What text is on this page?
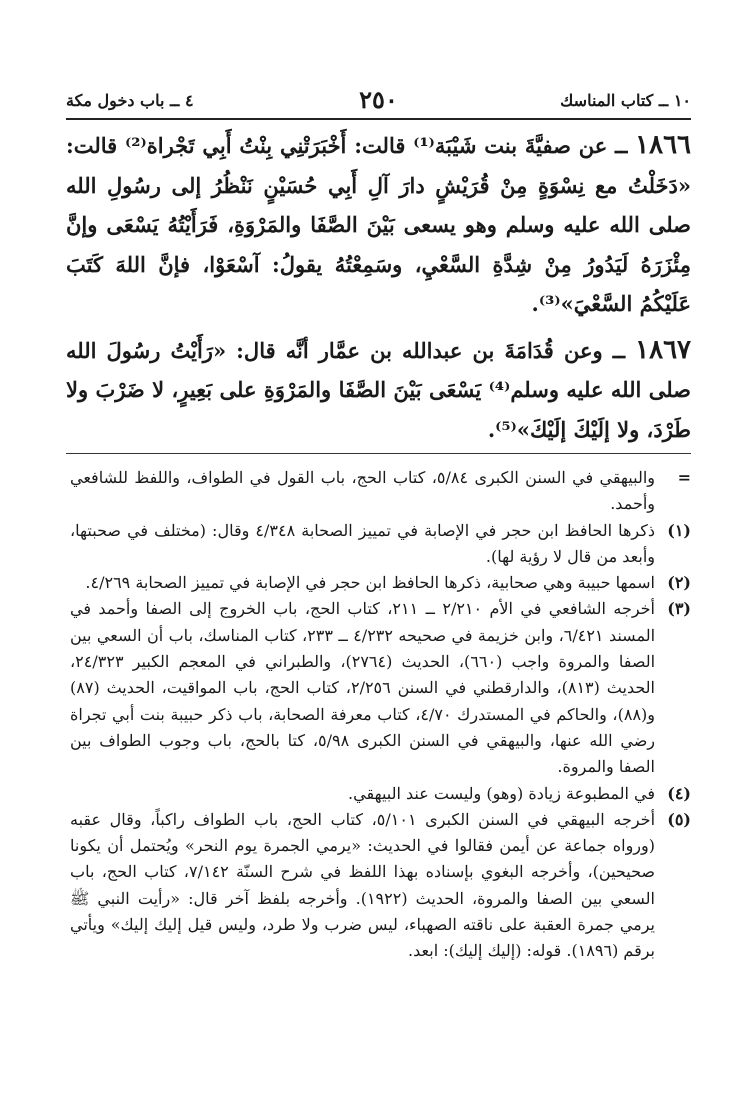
١٠ ــ كتاب المناسك
٢٥٠
٤ ــ باب دخول مكة

١٨٦٦ ــ عن صفيَّةَ بنت شَيْبَة⁽¹⁾ قالت: أَخْبَرَتْنِي بِنْتُ أَبِي تَجْراة⁽²⁾ قالت: «دَخَلْتُ مع نِسْوَةٍ مِنْ قُرَيْشٍ دارَ آلِ أَبِي حُسَيْنٍ نَنْظُرُ إلى رسُولِ الله صلى الله عليه وسلم وهو يسعى بَيْنَ الصَّفَا والمَرْوَةِ، فَرَأَيْتُهُ يَسْعَى وإنَّ مِئْزَرَهُ لَيَدُورُ مِنْ شِدَّةِ السَّعْيِ، وسَمِعْتُهُ يقولُ: آسْعَوْا، فإنَّ اللهَ كَتَبَ عَلَيْكُمُ السَّعْيَ»⁽³⁾.

١٨٦٧ ــ وعن قُدَامَةَ بن عبدالله بن عمَّار أنَّه قال: «رَأَيْتُ رسُولَ الله صلى الله عليه وسلم⁽⁴⁾ يَسْعَى بَيْنَ الصَّفَا والمَرْوَةِ على بَعِيرٍ، لا ضَرْبَ ولا طَرْدَ، ولا إلَيْكَ إلَيْكَ»⁽⁵⁾.

=
والبيهقي في السنن الكبرى ٥/٨٤، كتاب الحج، باب القول في الطواف، واللفظ للشافعي وأحمد.
(١)
ذكرها الحافظ ابن حجر في الإصابة في تمييز الصحابة ٤/٣٤٨ وقال: (مختلف في صحبتها، وأبعد من قال لا رؤية لها).
(٢)
اسمها حبيبة وهي صحابية، ذكرها الحافظ ابن حجر في الإصابة في تمييز الصحابة ٤/٢٦٩.
(٣)
أخرجه الشافعي في الأم ٢/٢١٠ ــ ٢١١، كتاب الحج، باب الخروج إلى الصفا وأحمد في المسند ٦/٤٢١، وابن خزيمة في صحيحه ٤/٢٣٢ ــ ٢٣٣، كتاب المناسك، باب أن السعي بين الصفا والمروة واجب (٦٦٠)، الحديث (٢٧٦٤)، والطبراني في المعجم الكبير ٢٤/٣٢٣، الحديث (٨١٣)، والدارقطني في السنن ٢/٢٥٦، كتاب الحج، باب المواقيت، الحديث (٨٧) و(٨٨)، والحاكم في المستدرك ٤/٧٠، كتاب معرفة الصحابة، باب ذكر حبيبة بنت أبي تجراة رضي الله عنها، والبيهقي في السنن الكبرى ٥/٩٨، كتا بالحج، باب وجوب الطواف بين الصفا والمروة.
(٤)
في المطبوعة زيادة (وهو) وليست عند البيهقي.
(٥)
أخرجه البيهقي في السنن الكبرى ٥/١٠١، كتاب الحج، باب الطواف راكباً، وقال عقبه (ورواه جماعة عن أيمن فقالوا في الحديث: «يرمي الجمرة يوم النحر» ويُحتمل أن يكونا صحيحين)، وأخرجه البغوي بإسناده بهذا اللفظ في شرح السنّة ٧/١٤٢، كتاب الحج، باب السعي بين الصفا والمروة، الحديث (١٩٢٢). وأخرجه بلفظ آخر قال: «رأيت النبي ﷺ يرمي جمرة العقبة على ناقته الصهباء، ليس ضرب ولا طرد، وليس قيل إليك إليك» ويأتي برقم (١٨٩٦). قوله: (إليك إليك): ابعد.
